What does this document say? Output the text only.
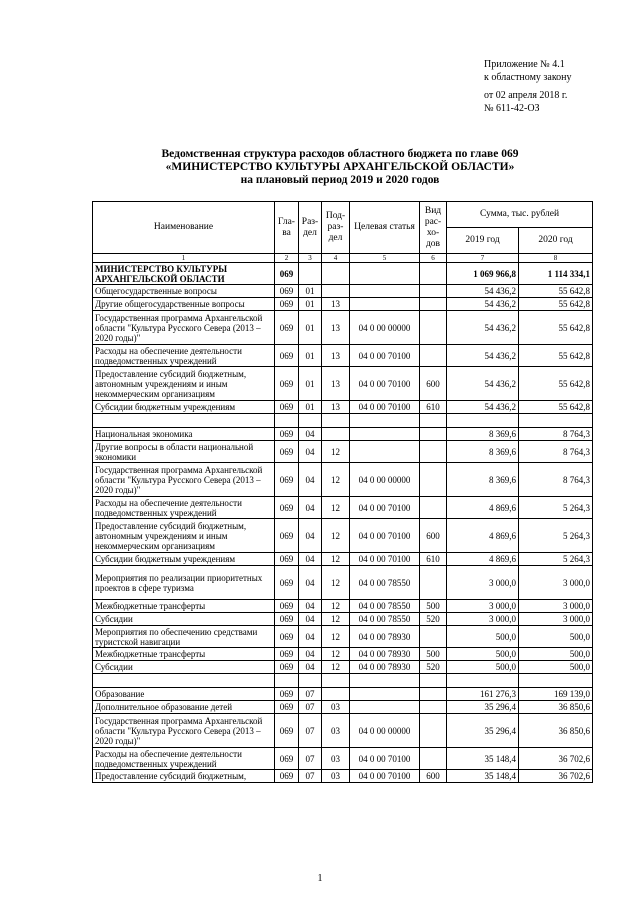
Приложение № 4.1
к областному закону
от 02 апреля 2018 г.
№ 611-42-ОЗ
Ведомственная структура расходов областного бюджета по главе 069
«МИНИСТЕРСТВО КУЛЬТУРЫ АРХАНГЕЛЬСКОЙ ОБЛАСТИ»
на плановый период 2019 и 2020 годов
Наименование	Гла-ва	Раз-дел	Под-раз-дел	Целевая статья	Вид рас-хо-дов	Сумма, тыс. рублей	
						2019 год	2020 год
1	2	3	4	5	6	7	8
МИНИСТЕРСТВО КУЛЬТУРЫ АРХАНГЕЛЬСКОЙ ОБЛАСТИ	069					1 069 966,8	1 114 334,1
Общегосударственные вопросы	069	01				54 436,2	55 642,8
Другие общегосударственные вопросы	069	01	13			54 436,2	55 642,8
Государственная программа Архангельской области "Культура Русского Севера (2013 – 2020 годы)"	069	01	13	04 0 00 00000		54 436,2	55 642,8
Расходы на обеспечение деятельности подведомственных учреждений	069	01	13	04 0 00 70100		54 436,2	55 642,8
Предоставление субсидий бюджетным, автономным учреждениям и иным некоммерческим организациям	069	01	13	04 0 00 70100	600	54 436,2	55 642,8
Субсидии бюджетным учреждениям	069	01	13	04 0 00 70100	610	54 436,2	55 642,8

Национальная экономика	069	04				8 369,6	8 764,3
Другие вопросы в области национальной экономики	069	04	12			8 369,6	8 764,3
Государственная программа Архангельской области "Культура Русского Севера (2013 – 2020 годы)"	069	04	12	04 0 00 00000		8 369,6	8 764,3
Расходы на обеспечение деятельности подведомственных учреждений	069	04	12	04 0 00 70100		4 869,6	5 264,3
Предоставление субсидий бюджетным, автономным учреждениям и иным некоммерческим организациям	069	04	12	04 0 00 70100	600	4 869,6	5 264,3
Субсидии бюджетным учреждениям	069	04	12	04 0 00 70100	610	4 869,6	5 264,3
Мероприятия по реализации приоритетных проектов в сфере туризма	069	04	12	04 0 00 78550		3 000,0	3 000,0
Межбюджетные трансферты	069	04	12	04 0 00 78550	500	3 000,0	3 000,0
Субсидии	069	04	12	04 0 00 78550	520	3 000,0	3 000,0
Мероприятия по обеспечению средствами туристской навигации	069	04	12	04 0 00 78930		500,0	500,0
Межбюджетные трансферты	069	04	12	04 0 00 78930	500	500,0	500,0
Субсидии	069	04	12	04 0 00 78930	520	500,0	500,0

Образование	069	07				161 276,3	169 139,0
Дополнительное образование детей	069	07	03			35 296,4	36 850,6
Государственная программа Архангельской области "Культура Русского Севера (2013 – 2020 годы)"	069	07	03	04 0 00 00000		35 296,4	36 850,6
Расходы на обеспечение деятельности подведомственных учреждений	069	07	03	04 0 00 70100		35 148,4	36 702,6
Предоставление субсидий бюджетным,	069	07	03	04 0 00 70100	600	35 148,4	36 702,6
1
